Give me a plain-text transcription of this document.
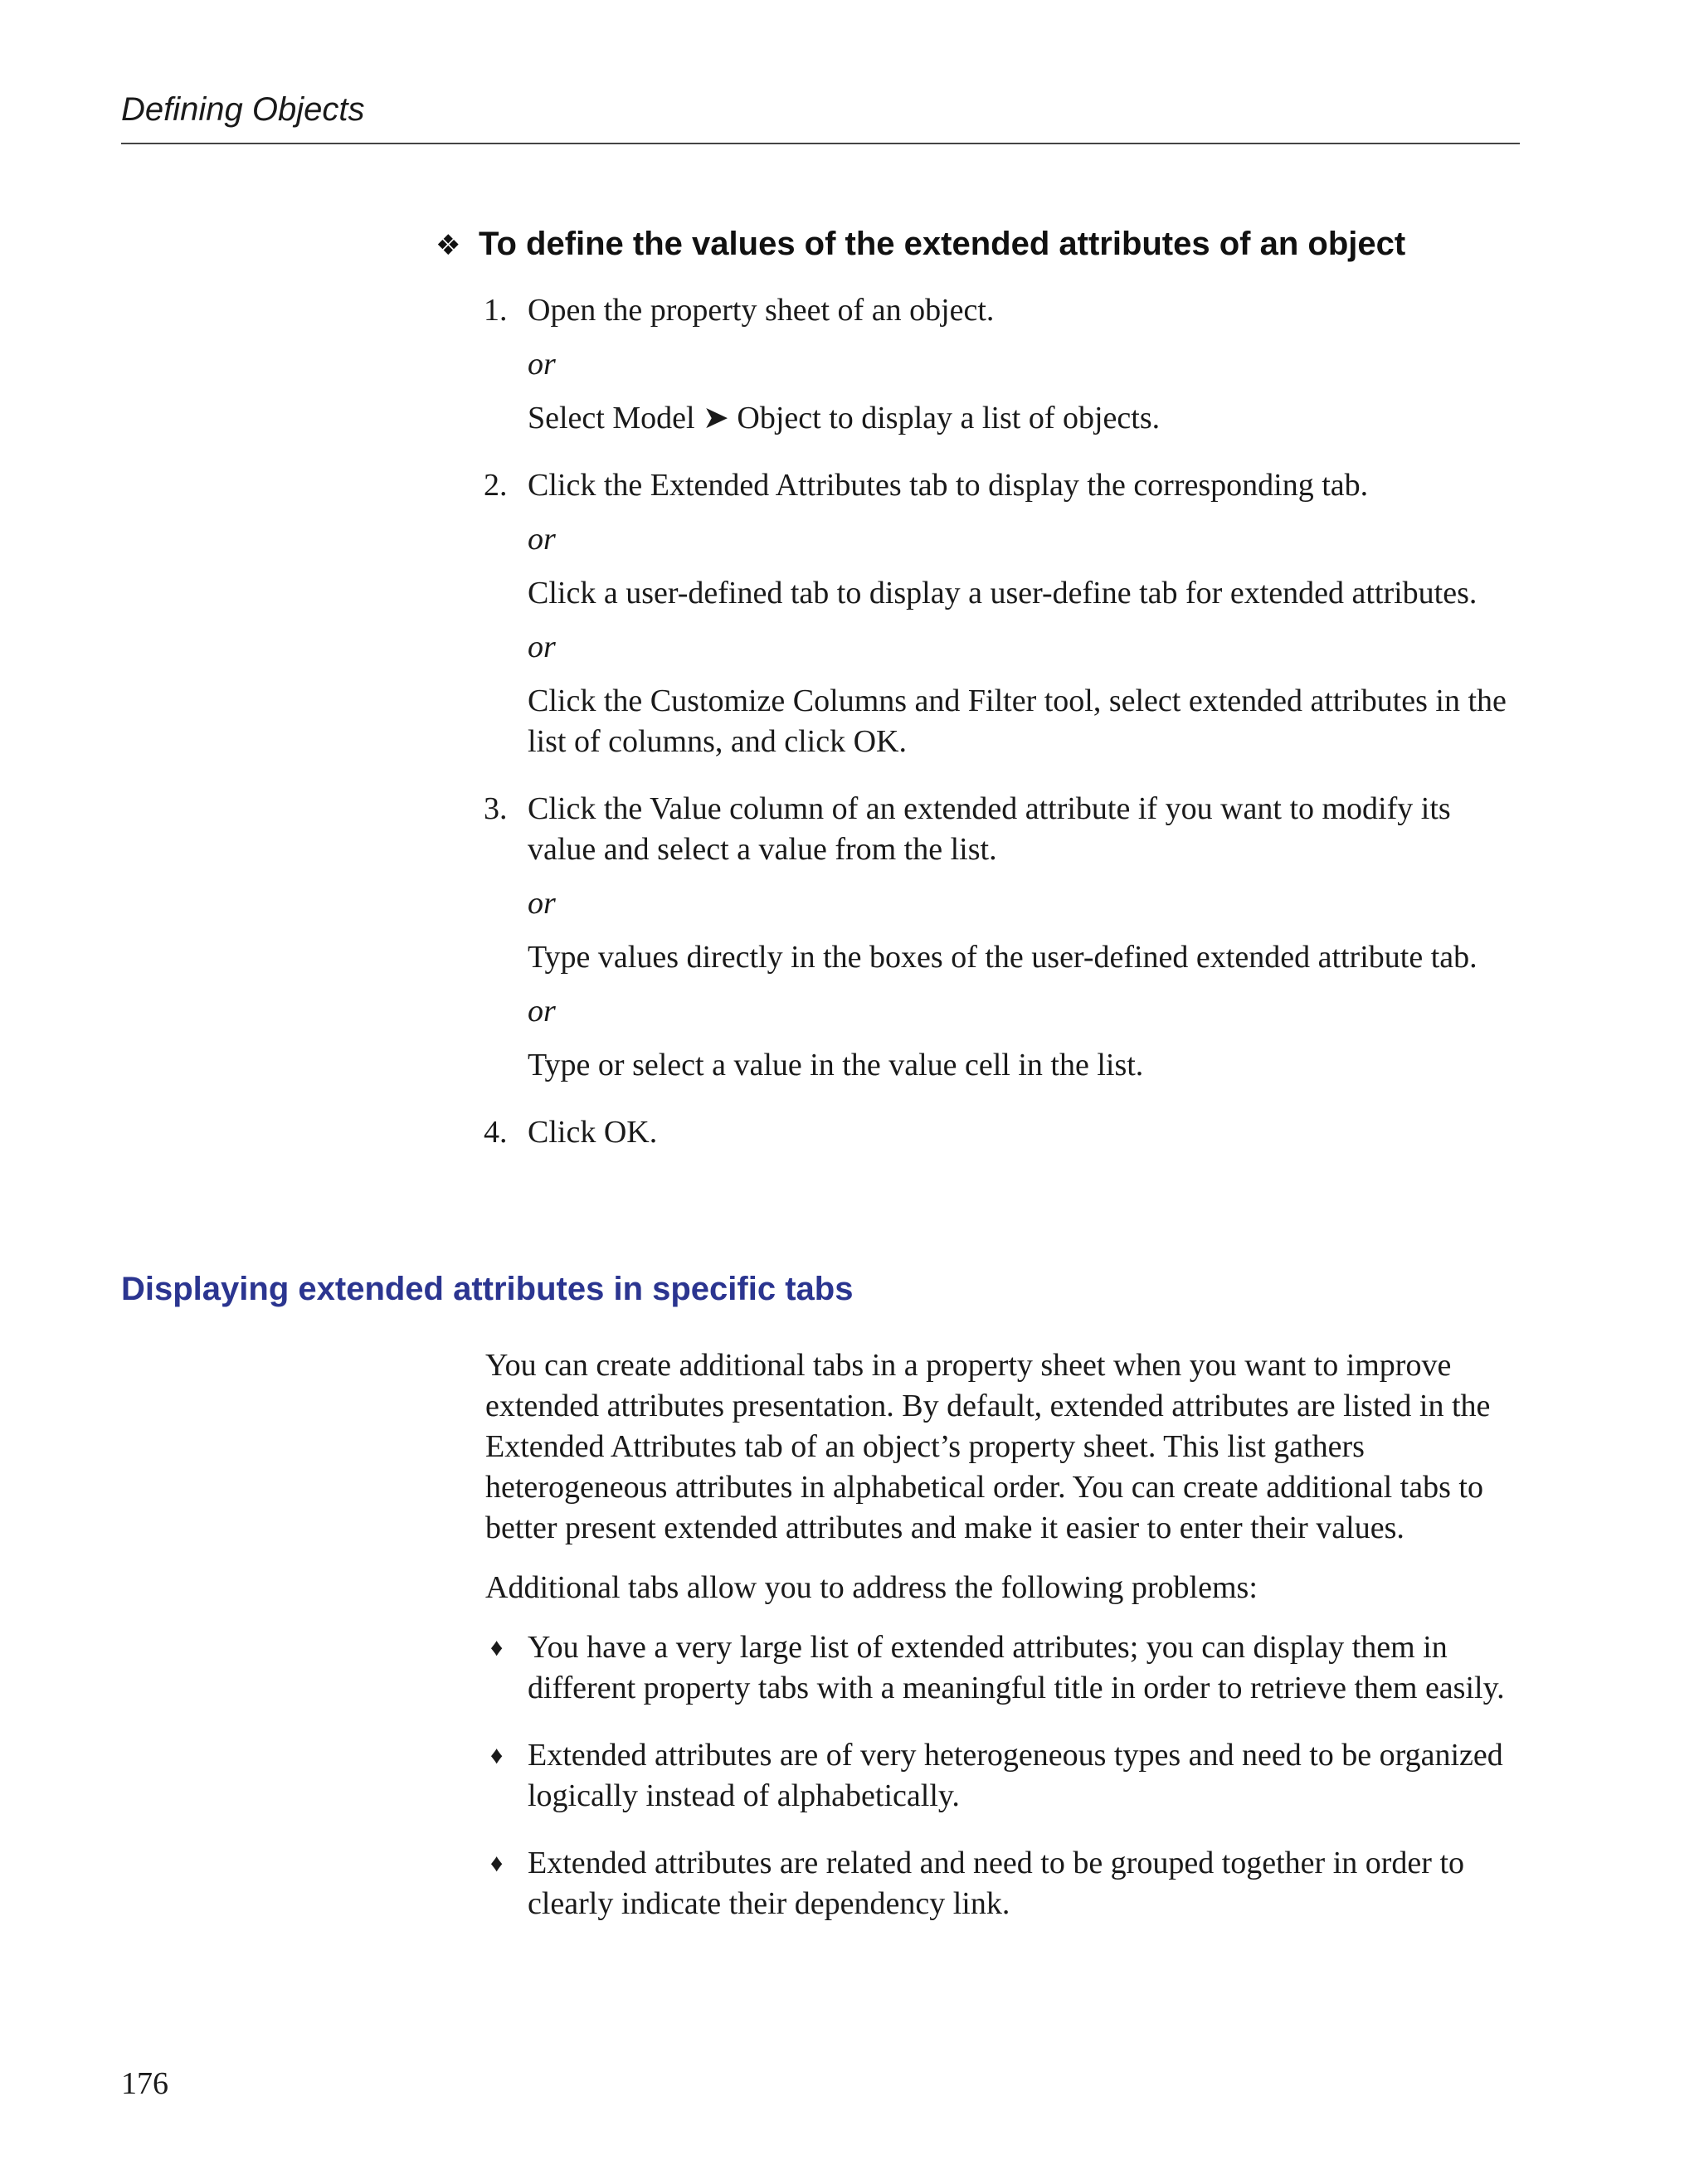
Defining Objects
❖ To define the values of the extended attributes of an object
1. Open the property sheet of an object.

or

Select Model ➤ Object to display a list of objects.

2. Click the Extended Attributes tab to display the corresponding tab.

or

Click a user-defined tab to display a user-define tab for extended attributes.

or

Click the Customize Columns and Filter tool, select extended attributes in the list of columns, and click OK.

3. Click the Value column of an extended attribute if you want to modify its value and select a value from the list.

or

Type values directly in the boxes of the user-defined extended attribute tab.

or

Type or select a value in the value cell in the list.

4. Click OK.

Displaying extended attributes in specific tabs

You can create additional tabs in a property sheet when you want to improve extended attributes presentation. By default, extended attributes are listed in the Extended Attributes tab of an object’s property sheet. This list gathers heterogeneous attributes in alphabetical order. You can create additional tabs to better present extended attributes and make it easier to enter their values.

Additional tabs allow you to address the following problems:

♦ You have a very large list of extended attributes; you can display them in different property tabs with a meaningful title in order to retrieve them easily.
♦ Extended attributes are of very heterogeneous types and need to be organized logically instead of alphabetically.
♦ Extended attributes are related and need to be grouped together in order to clearly indicate their dependency link.
176
